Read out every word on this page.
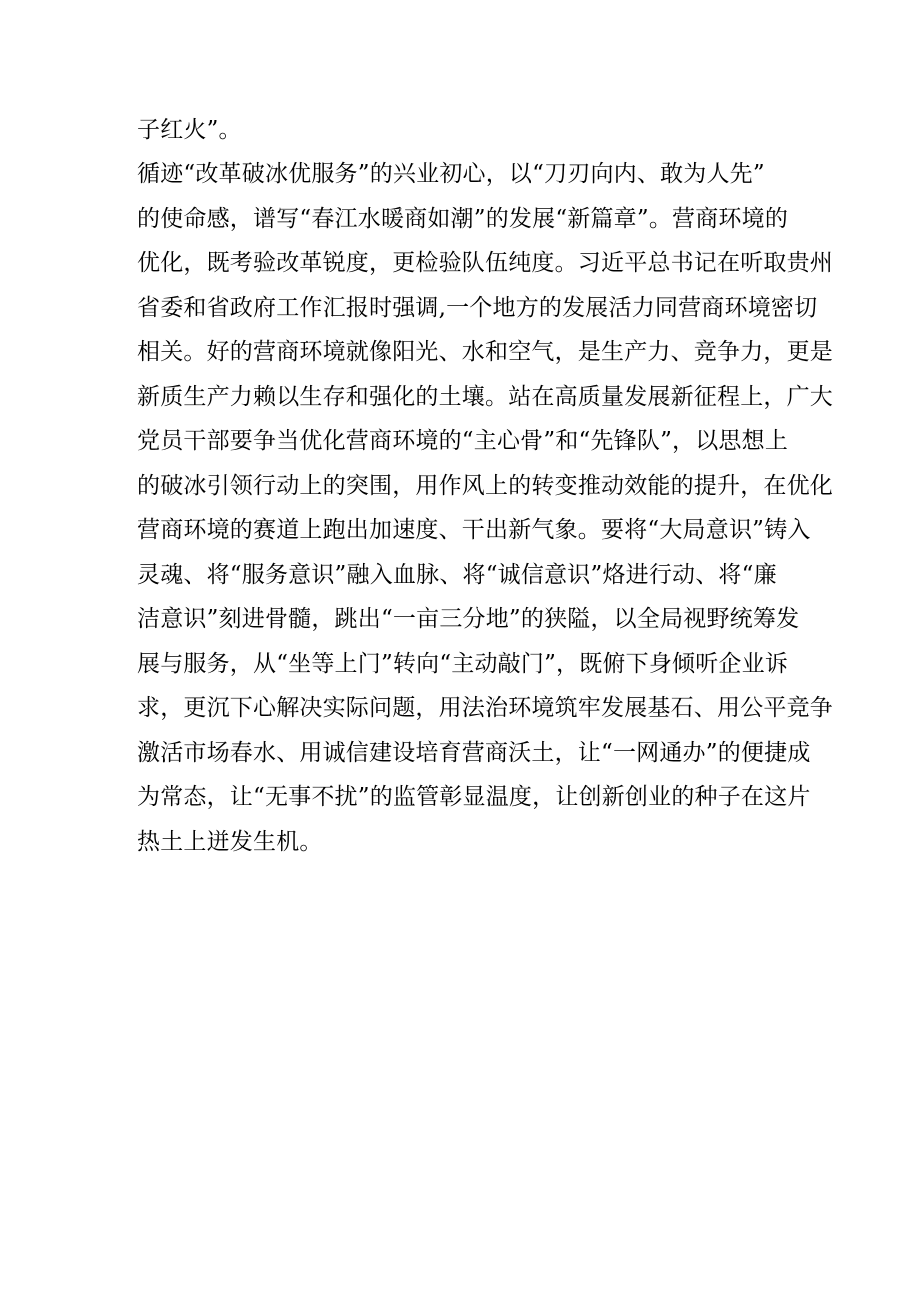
子红火”。
循迹“改革破冰优服务”的兴业初心，以“刀刃向内、敢为人先”
的使命感，谱写“春江水暖商如潮”的发展“新篇章”。营商环境的
优化，既考验改革锐度，更检验队伍纯度。习近平总书记在听取贵州
省委和省政府工作汇报时强调,一个地方的发展活力同营商环境密切
相关。好的营商环境就像阳光、水和空气，是生产力、竞争力，更是
新质生产力赖以生存和强化的土壤。站在高质量发展新征程上，广大
党员干部要争当优化营商环境的“主心骨”和“先锋队”，以思想上
的破冰引领行动上的突围，用作风上的转变推动效能的提升，在优化
营商环境的赛道上跑出加速度、干出新气象。要将“大局意识”铸入
灵魂、将“服务意识”融入血脉、将“诚信意识”烙进行动、将“廉
洁意识”刻进骨髓，跳出“一亩三分地”的狭隘，以全局视野统筹发
展与服务，从“坐等上门”转向“主动敲门”，既俯下身倾听企业诉
求，更沉下心解决实际问题，用法治环境筑牢发展基石、用公平竞争
激活市场春水、用诚信建设培育营商沃土，让“一网通办”的便捷成
为常态，让“无事不扰”的监管彰显温度，让创新创业的种子在这片
热土上迸发生机。
